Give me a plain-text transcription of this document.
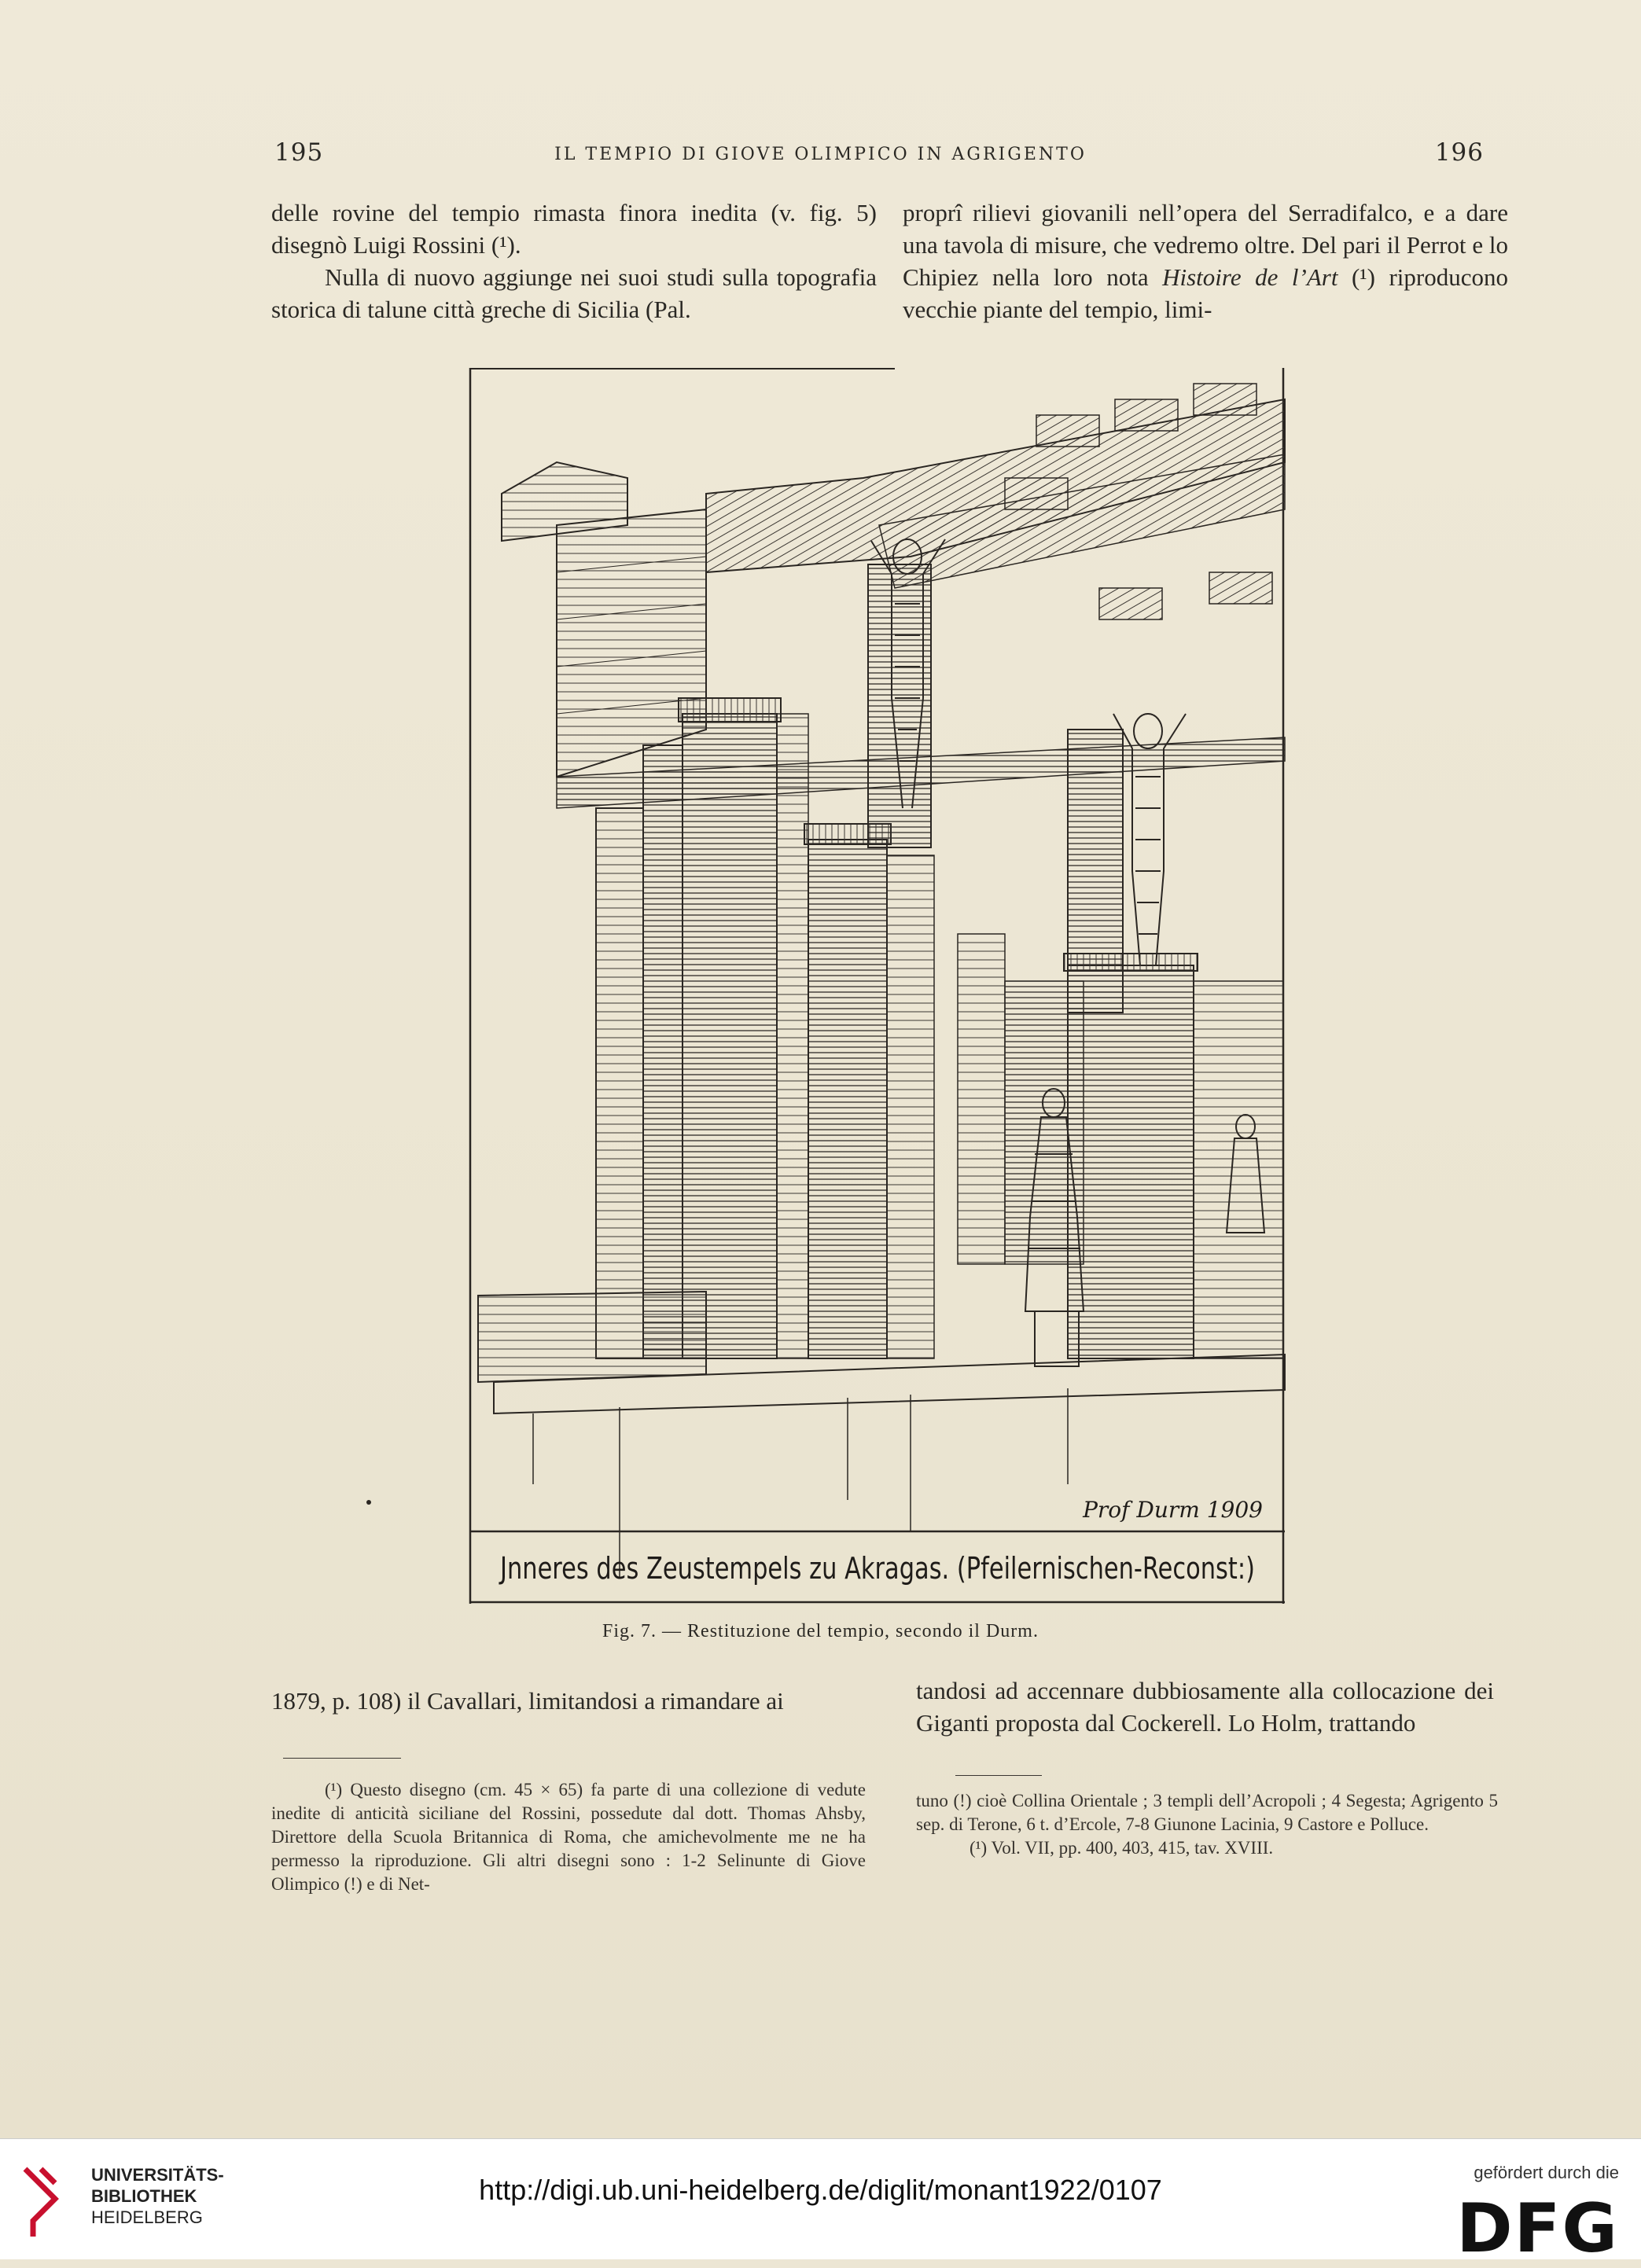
195	IL TEMPIO DI GIOVE OLIMPICO IN AGRIGENTO	196

delle rovine del tempio rimasta finora inedita (v. fig. 5) disegnò Luigi Rossini (¹).

Nulla di nuovo aggiunge nei suoi studi sulla topografia storica di talune città greche di Sicilia (Pal.

proprî rilievi giovanili nell’opera del Serradifalco, e a dare una tavola di misure, che vedremo oltre. Del pari il Perrot e lo Chipiez nella loro nota Histoire de l’Art (¹) riproducono vecchie piante del tempio, limi-

Prof Durm 1909
Jnneres des Zeustempels zu Akragas. (Pfeilernischen-Reconst:)
Fig. 7. — Restituzione del tempio, secondo il Durm.

1879, p. 108) il Cavallari, limitandosi a rimandare ai	tandosi ad accennare dubbiosamente alla collocazione dei Giganti proposta dal Cockerell. Lo Holm, trattando

(¹) Questo disegno (cm. 45 × 65) fa parte di una collezione di vedute inedite di anticità siciliane del Rossini, possedute dal dott. Thomas Ahsby, Direttore della Scuola Britannica di Roma, che amichevolmente me ne ha permesso la riproduzione. Gli altri disegni sono : 1-2 Selinunte di Giove Olimpico (!) e di Net-

tuno (!) cioè Collina Orientale ; 3 templi dell’Acropoli ; 4 Segesta; Agrigento 5 sep. di Terone, 6 t. d’Ercole, 7-8 Giunone Lacinia, 9 Castore e Polluce.

(¹) Vol. VII, pp. 400, 403, 415, tav. XVIII.

UNIVERSITÄTS-
BIBLIOTHEK
HEIDELBERG
http://digi.ub.uni-heidelberg.de/diglit/monant1922/0107
gefördert durch die
DFG
